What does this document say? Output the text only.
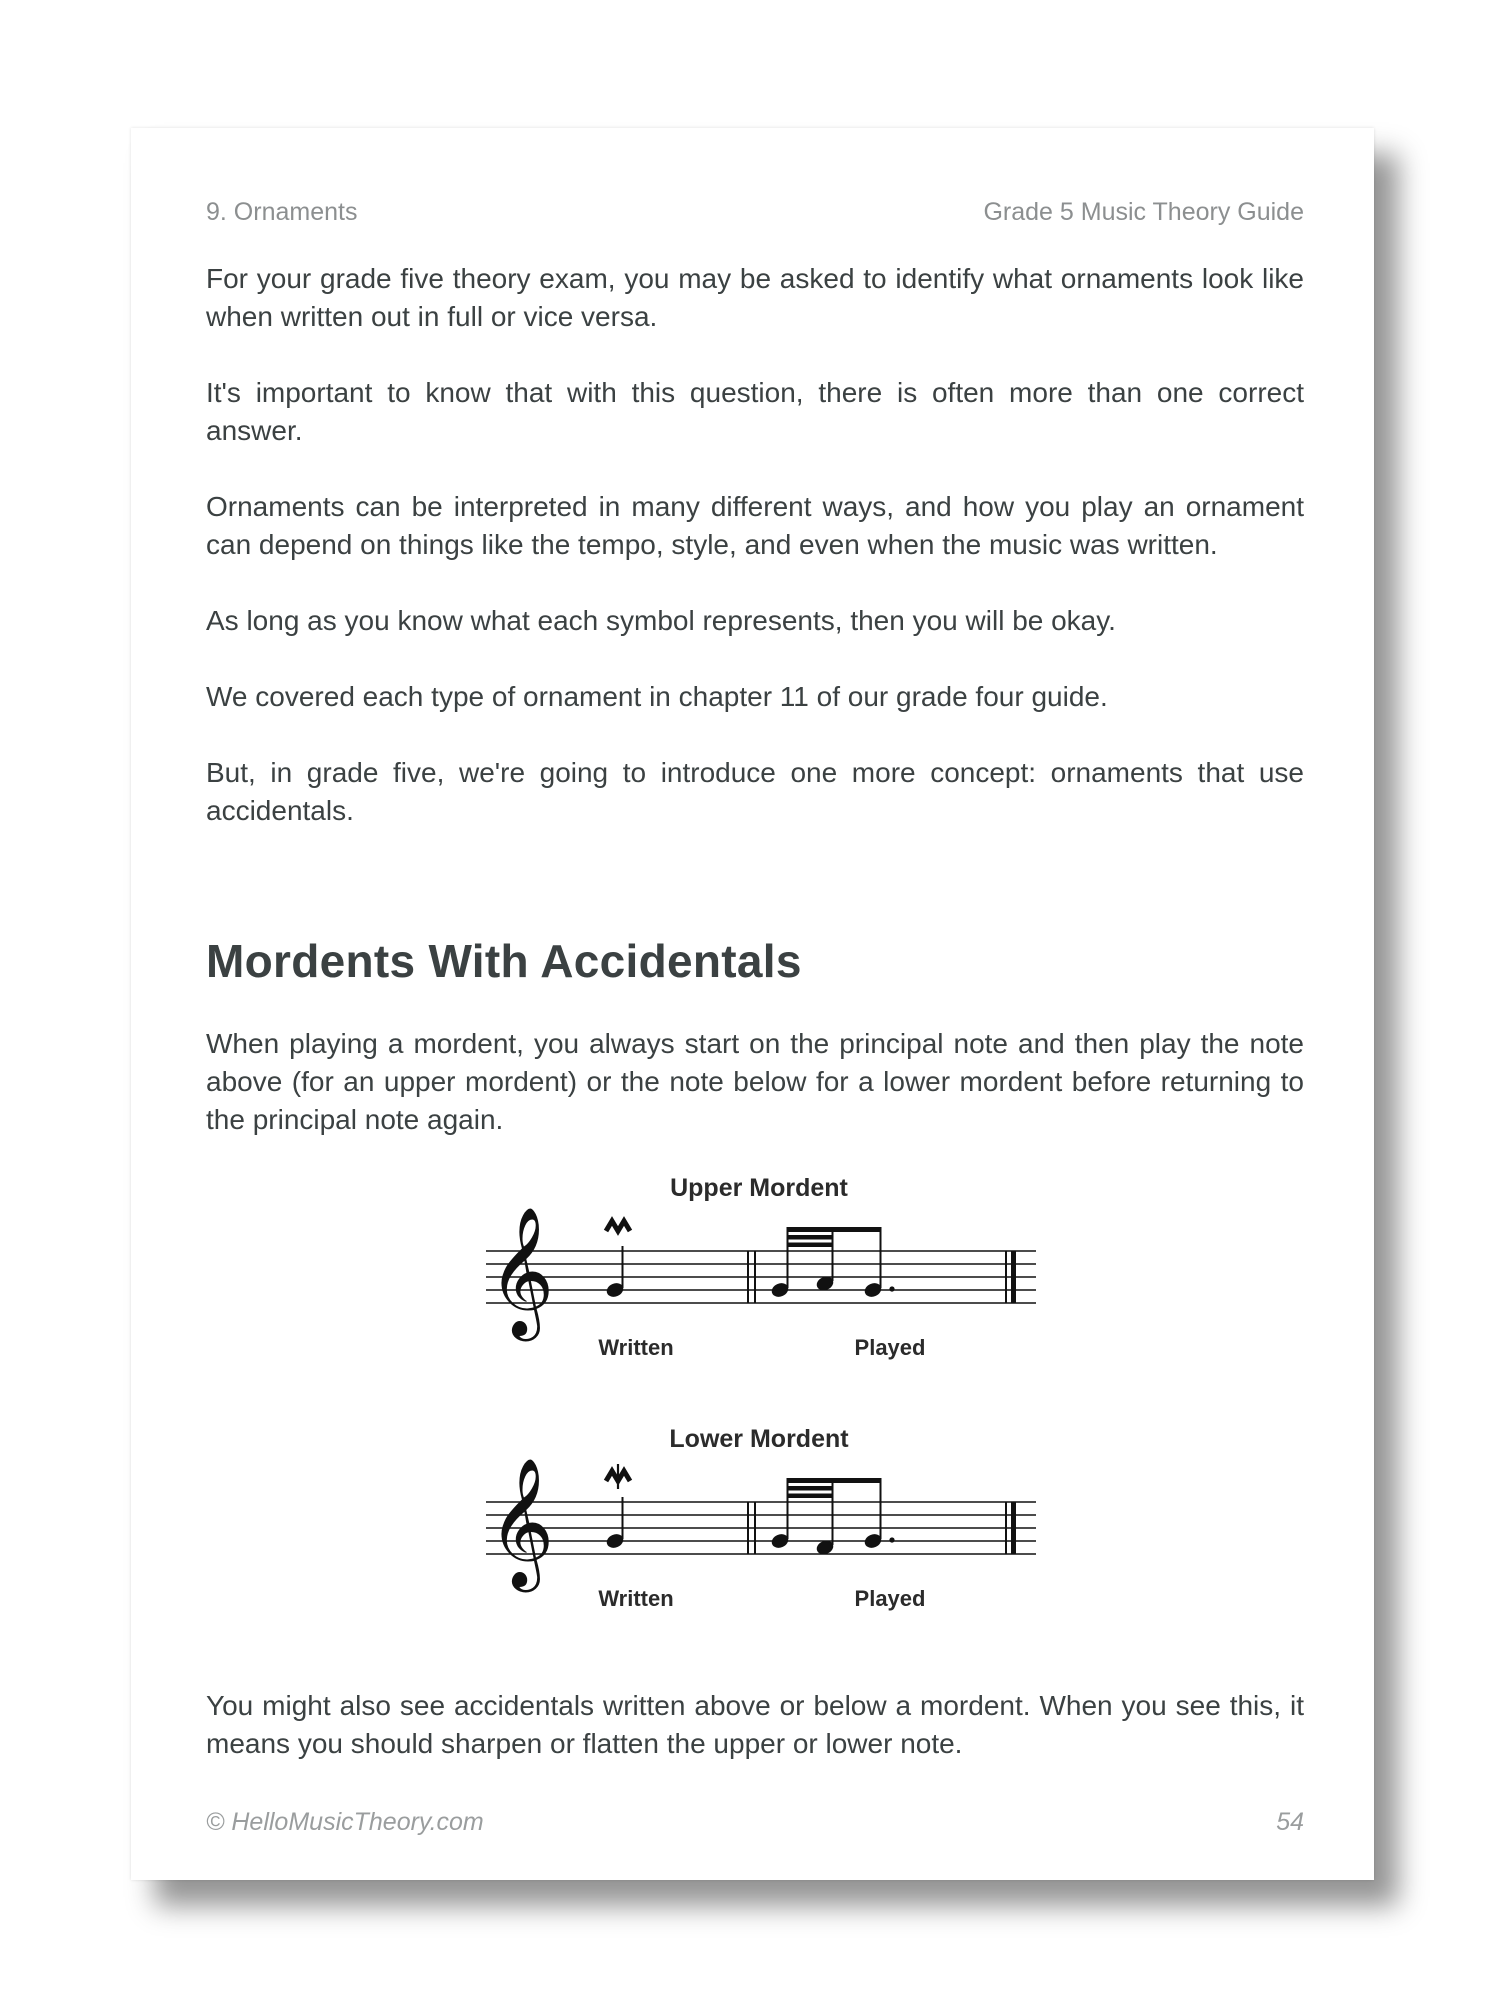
9. Ornaments	Grade 5 Music Theory Guide

For your grade five theory exam, you may be asked to identify what ornaments look like when written out in full or vice versa.

It's important to know that with this question, there is often more than one correct answer.

Ornaments can be interpreted in many different ways, and how you play an ornament can depend on things like the tempo, style, and even when the music was written.

As long as you know what each symbol represents, then you will be okay.

We covered each type of ornament in chapter 11 of our grade four guide.

But, in grade five, we're going to introduce one more concept: ornaments that use accidentals.

Mordents With Accidentals

When playing a mordent, you always start on the principal note and then play the note above (for an upper mordent) or the note below for a lower mordent before returning to the principal note again.

Upper Mordent
𝄞
Written	Played
Lower Mordent
𝄞
Written	Played

You might also see accidentals written above or below a mordent. When you see this, it means you should sharpen or flatten the upper or lower note.

© HelloMusicTheory.com	54
